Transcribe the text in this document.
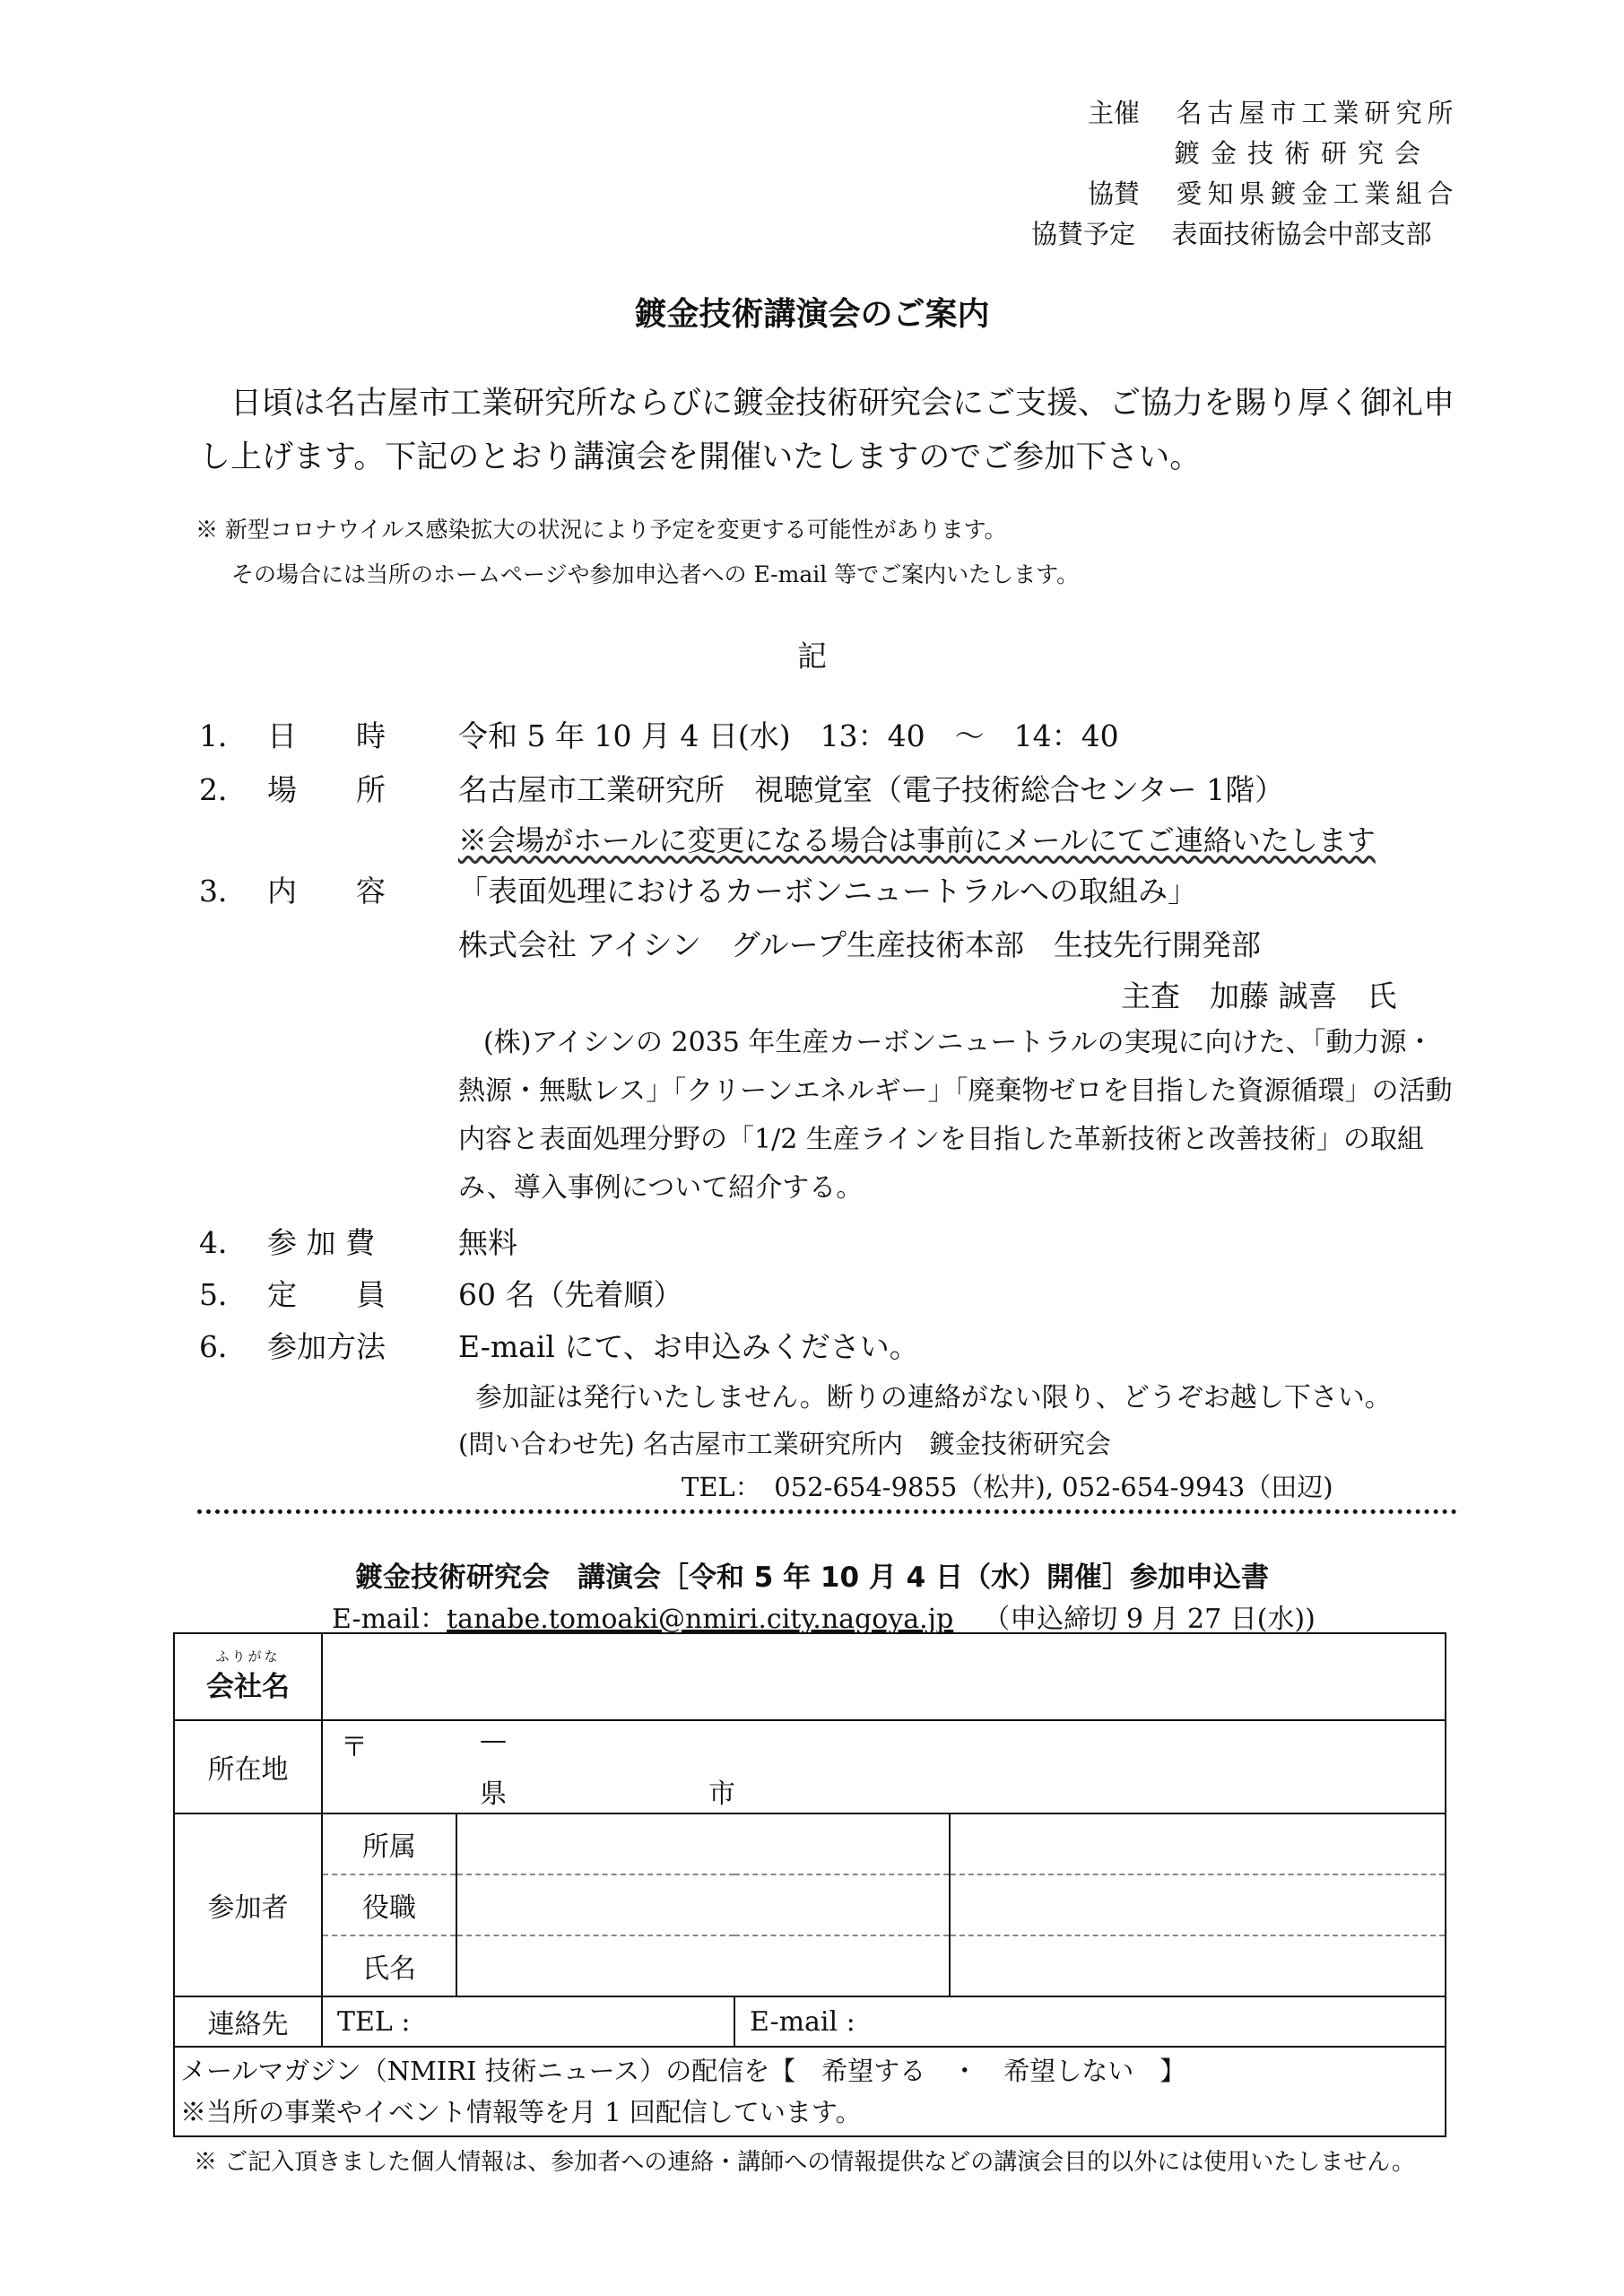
主催 名古屋市工業研究所
鍍金技術研究会
協賛 愛知県鍍金工業組合
協賛予定 表面技術協会中部支部
鍍金技術講演会のご案内
日頃は名古屋市工業研究所ならびに鍍金技術研究会にご支援、ご協力を賜り厚く御礼申し上げます。下記のとおり講演会を開催いたしますのでご参加下さい。
※ 新型コロナウイルス感染拡大の状況により予定を変更する可能性があります。
その場合には当所のホームページや参加申込者への E-mail 等でご案内いたします。
記
1． 日　　時 令和 5 年 10 月 4 日(水)　13：40　～　14：40
2． 場　　所 名古屋市工業研究所　視聴覚室（電子技術総合センター 1階）
※会場がホールに変更になる場合は事前にメールにてご連絡いたします
3． 内　　容 「表面処理におけるカーボンニュートラルへの取組み」
株式会社 アイシン　グループ生産技術本部　生技先行開発部
主査　加藤 誠喜　氏
(株)アイシンの 2035 年生産カーボンニュートラルの実現に向けた、「動力源・熱源・無駄レス」「クリーンエネルギー」「廃棄物ゼロを目指した資源循環」の活動内容と表面処理分野の「1/2 生産ラインを目指した革新技術と改善技術」の取組み、導入事例について紹介する。
4． 参 加 費	無料
5． 定　　員 60 名（先着順）
6． 参加方法 E-mail にて、お申込みください。
参加証は発行いたしません。断りの連絡がない限り、どうぞお越し下さい。
(問い合わせ先) 名古屋市工業研究所内　鍍金技術研究会
TEL：　052-654-9855（松井), 052-654-9943（田辺)
鍍金技術研究会　講演会［令和 5 年 10 月 4 日（水）開催］参加申込書
E-mail：tanabe.tomoaki@nmiri.city.nagoya.jp （申込締切 9 月 27 日(水))
ふりがな
会社名				
所在地	〒 —
県 市			

参加者	所属			
	役職			
	氏名			
連絡先	TEL :		E-mail :	

メールマガジン（NMIRI 技術ニュース）の配信を【　希望する　・　希望しない　】
※当所の事業やイベント情報等を月 1 回配信しています。				
※ ご記入頂きました個人情報は、参加者への連絡・講師への情報提供などの講演会目的以外には使用いたしません。
